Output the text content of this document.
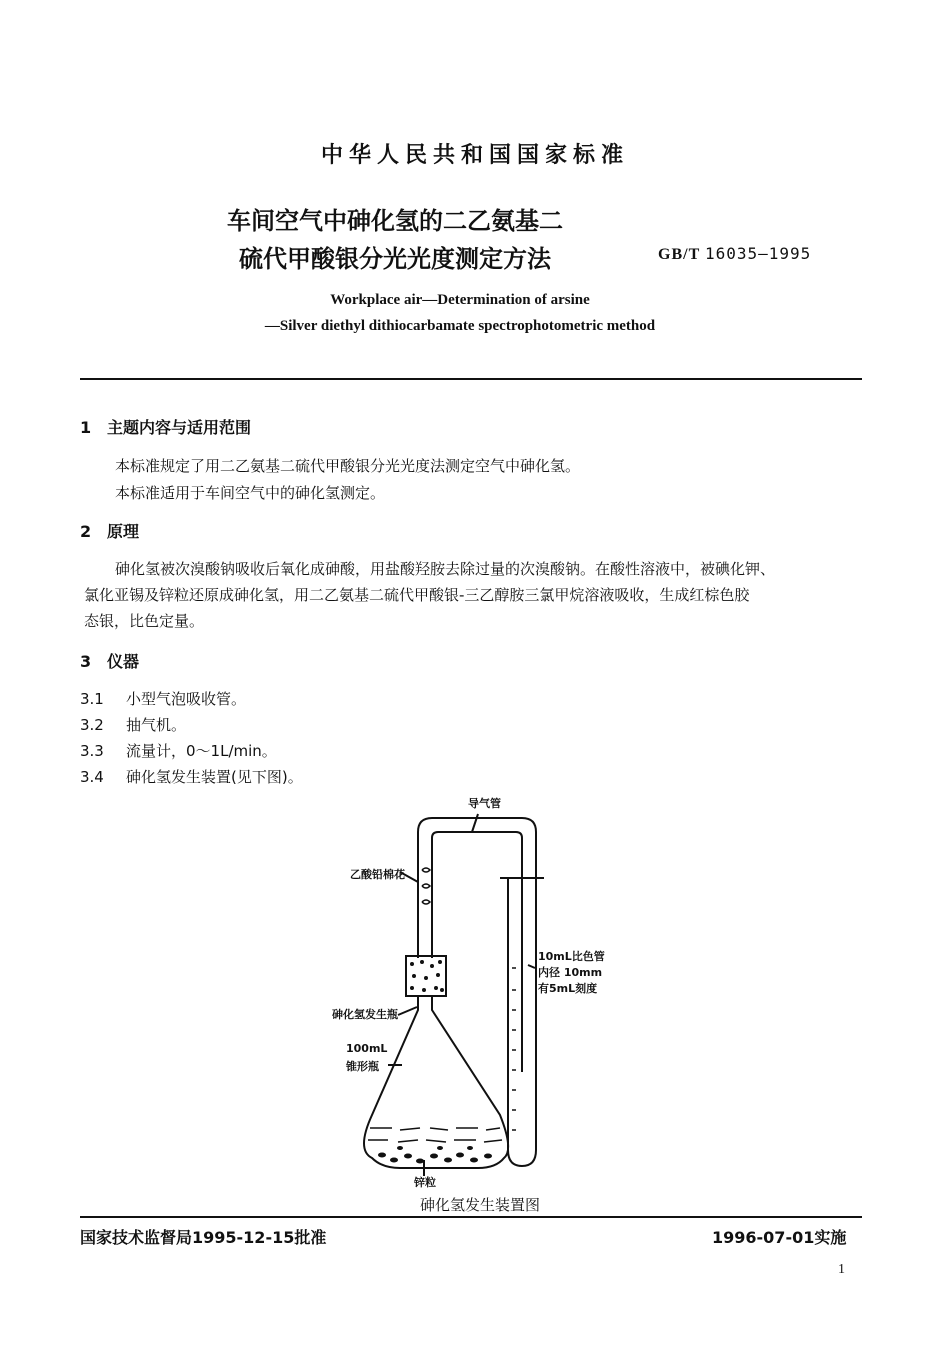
中华人民共和国国家标准
车间空气中砷化氢的二乙氨基二
硫代甲酸银分光光度测定方法	GB/T 16035—1995
Workplace air—Determination of arsine
—Silver diethyl dithiocarbamate spectrophotometric method
1 主题内容与适用范围
本标准规定了用二乙氨基二硫代甲酸银分光光度法测定空气中砷化氢。
本标准适用于车间空气中的砷化氢测定。
2 原理
砷化氢被次溴酸钠吸收后氧化成砷酸，用盐酸羟胺去除过量的次溴酸钠。在酸性溶液中，被碘化钾、
氯化亚锡及锌粒还原成砷化氢，用二乙氨基二硫代甲酸银-三乙醇胺三氯甲烷溶液吸收，生成红棕色胶
态银，比色定量。
3 仪器
3.1 小型气泡吸收管。
3.2 抽气机。
3.3 流量计，0～1L/min。
3.4 砷化氢发生装置(见下图)。
导气管
乙酸铅棉花
10mL比色管
内径 10mm
有5mL刻度
砷化氢发生瓶
100mL
锥形瓶
锌粒
砷化氢发生装置图
国家技术监督局1995-12-15批准	1996-07-01实施
1
